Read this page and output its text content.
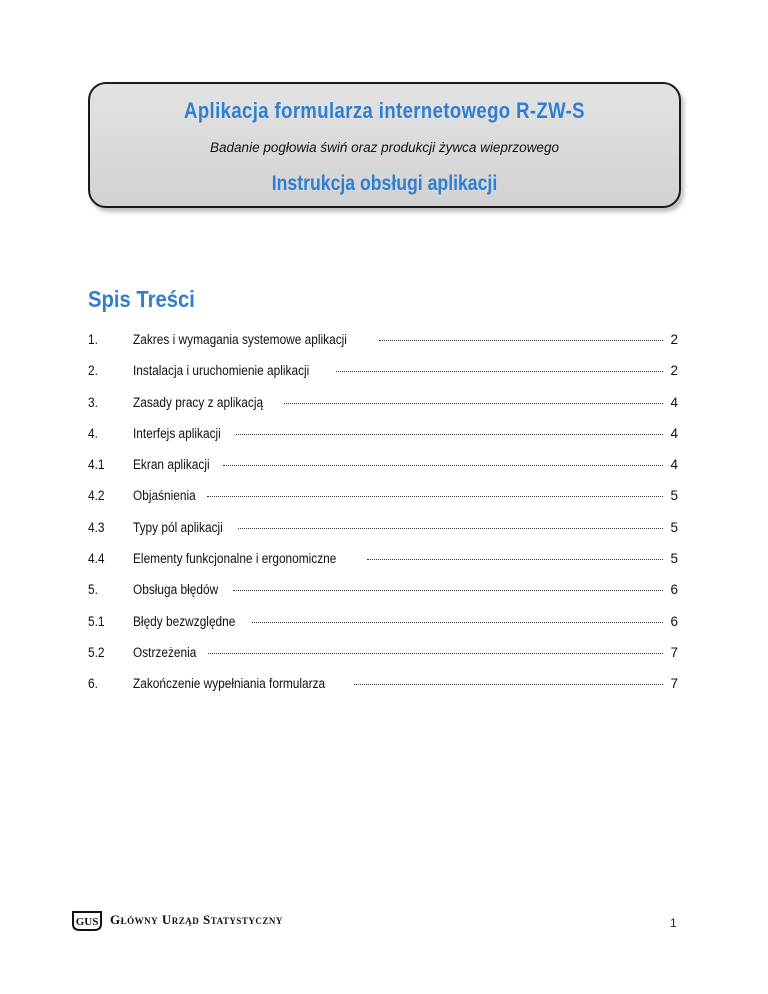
Aplikacja formularza internetowego R-ZW-S
Badanie pogłowia świń oraz produkcji żywca wieprzowego
Instrukcja obsługi aplikacji
Spis Treści
1.	Zakres i wymagania systemowe aplikacji	2
2.	Instalacja i uruchomienie aplikacji	2
3.	Zasady pracy z aplikacją	4
4.	Interfejs aplikacji	4
4.1	Ekran aplikacji	4
4.2	Objaśnienia	5
4.3	Typy pól aplikacji	5
4.4	Elementy funkcjonalne i ergonomiczne	5
5.	Obsługa błędów	6
5.1	Błędy bezwzględne	6
5.2	Ostrzeżenia	7
6.	Zakończenie wypełniania formularza	7
GUS Główny Urząd Statystyczny	1
